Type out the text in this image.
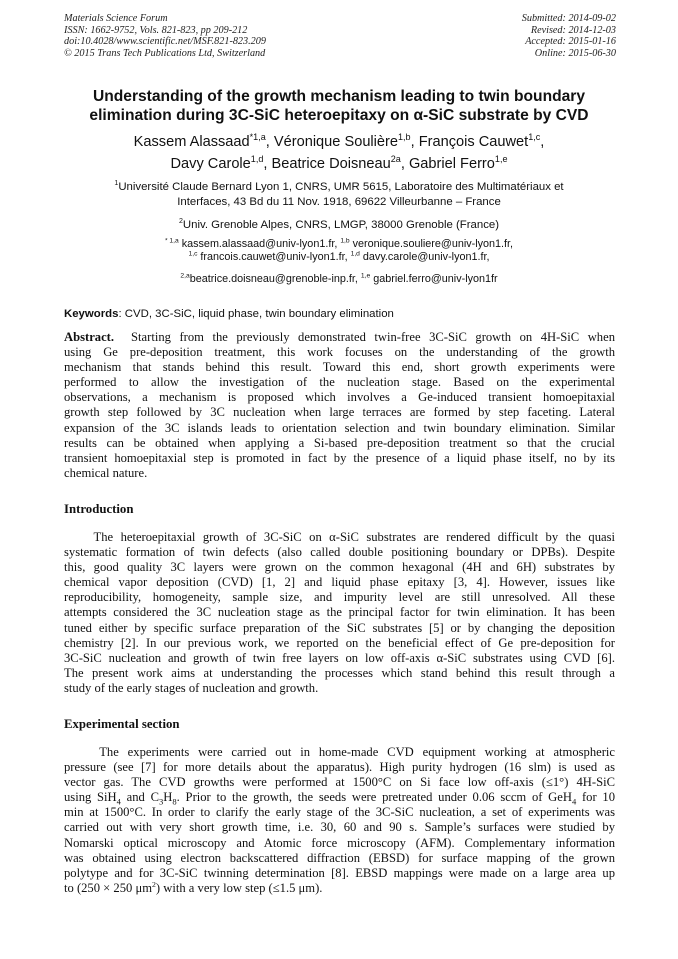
Materials Science Forum
ISSN: 1662-9752, Vols. 821-823, pp 209-212
doi:10.4028/www.scientific.net/MSF.821-823.209
© 2015 Trans Tech Publications Ltd, Switzerland
Submitted: 2014-09-02
Revised: 2014-12-03
Accepted: 2015-01-16
Online: 2015-06-30
Understanding of the growth mechanism leading to twin boundary
elimination during 3C-SiC heteroepitaxy on α-SiC substrate by CVD
Kassem Alassaad$^{*1,a}$, Véronique Soulière$^{1,b}$, François Cauwet$^{1,c}$,
Davy Carole$^{1,d}$, Beatrice Doisneau$^{2a}$, Gabriel Ferro$^{1,e}$
$^1$Université Claude Bernard Lyon 1, CNRS, UMR 5615, Laboratoire des Multimatériaux et
Interfaces, 43 Bd du 11 Nov. 1918, 69622 Villeurbanne – France
$^2$Univ. Grenoble Alpes, CNRS, LMGP, 38000 Grenoble (France)
$^{* 1,a}$ kassem.alassaad@univ-lyon1.fr, $^{1,b}$ veronique.souliere@univ-lyon1.fr,
$^{1,c}$ francois.cauwet@univ-lyon1.fr, $^{1,d}$ davy.carole@univ-lyon1.fr,
$^{2,a}$beatrice.doisneau@grenoble-inp.fr, $^{1,e}$ gabriel.ferro@univ-lyon1fr
Keywords: CVD, 3C-SiC, liquid phase, twin boundary elimination
Abstract.  Starting from the previously demonstrated twin-free 3C-SiC growth on 4H-SiC when
using Ge pre-deposition treatment, this work focuses on the understanding of the growth
mechanism that stands behind this result. Toward this end, short growth experiments were
performed to allow the investigation of the nucleation stage. Based on the experimental
observations, a mechanism is proposed which involves a Ge-induced transient homoepitaxial
growth step followed by 3C nucleation when large terraces are formed by step faceting. Lateral
expansion of the 3C islands leads to orientation selection and twin boundary elimination. Similar
results can be obtained when applying a Si-based pre-deposition treatment so that the crucial
transient homoepitaxial step is promoted in fact by the presence of a liquid phase itself, no by its
chemical nature.
Introduction
The heteroepitaxial growth of 3C-SiC on α-SiC substrates are rendered difficult by the quasi
systematic formation of twin defects (also called double positioning boundary or DPBs). Despite
this, good quality 3C layers were grown on the common hexagonal (4H and 6H) substrates by
chemical vapor deposition (CVD) [1, 2] and liquid phase epitaxy [3, 4]. However, issues like
reproducibility, homogeneity, sample size, and impurity level are still unresolved. All these
attempts considered the 3C nucleation stage as the principal factor for twin elimination. It has been
tuned either by specific surface preparation of the SiC substrates [5] or by changing the deposition
chemistry [2]. In our previous work, we reported on the beneficial effect of Ge pre-deposition for
3C-SiC nucleation and growth of twin free layers on low off-axis α-SiC substrates using CVD [6].
The present work aims at understanding the processes which stand behind this result through a
study of the early stages of nucleation and growth.
Experimental section
The experiments were carried out in home-made CVD equipment working at atmospheric
pressure (see [7] for more details about the apparatus). High purity hydrogen (16 slm) is used as
vector gas. The CVD growths were performed at 1500°C on Si face low off-axis (≤1°) 4H-SiC
using SiH$_4$ and $C_3H_8$. Prior to the growth, the seeds were pretreated under 0.06 sccm of GeH$_4$ for 10
min at 1500°C. In order to clarify the early stage of the 3C-SiC nucleation, a set of experiments was
carried out with very short growth time, i.e. 30, 60 and 90 s. Sample’s surfaces were studied by
Nomarski optical microscopy and Atomic force microscopy (AFM). Complementary information
was obtained using electron backscattered diffraction (EBSD) for surface mapping of the grown
polytype and for 3C-SiC twinning determination [8]. EBSD mappings were made on a large area up
to (250 × 250 $\mu m^2$) with a very low step (≤1.5 μm).
